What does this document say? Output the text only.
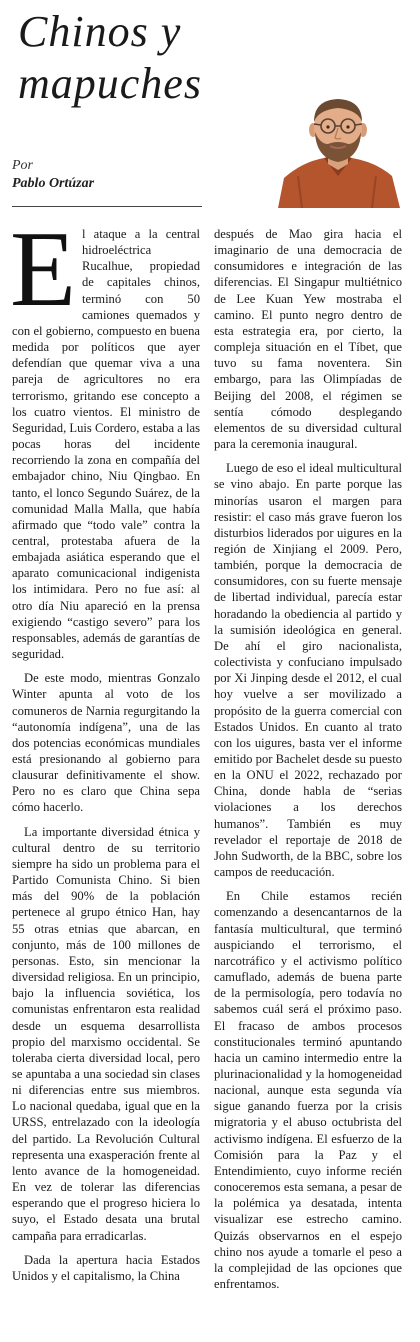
Chinos y
mapuches
Por
Pablo Ortúzar

El ataque a la central hidroeléctrica Rucalhue, propiedad de capitales chinos, terminó con 50 camiones quemados y con el gobierno, compuesto en buena medida por políticos que ayer defendían que quemar viva a una pareja de agricultores no era terrorismo, gritando ese concepto a los cuatro vientos. El ministro de Seguridad, Luis Cordero, estaba a las pocas horas del incidente recorriendo la zona en compañía del embajador chino, Niu Qingbao. En tanto, el lonco Segundo Suárez, de la comunidad Malla Malla, que había afirmado que “todo vale” contra la central, protestaba afuera de la embajada asiática esperando que el aparato comunicacional indigenista los intimidara. Pero no fue así: al otro día Niu apareció en la prensa exigiendo “castigo severo” para los responsables, además de garantías de seguridad.

De este modo, mientras Gonzalo Winter apunta al voto de los comuneros de Narnia regurgitando la “autonomía indígena”, una de las dos potencias económicas mundiales está presionando al gobierno para clausurar definitivamente el show. Pero no es claro que China sepa cómo hacerlo.

La importante diversidad étnica y cultural dentro de su territorio siempre ha sido un problema para el Partido Comunista Chino. Si bien más del 90% de la población pertenece al grupo étnico Han, hay 55 otras etnias que abarcan, en conjunto, más de 100 millones de personas. Esto, sin mencionar la diversidad religiosa. En un principio, bajo la influencia soviética, los comunistas enfrentaron esta realidad desde un esquema desarrollista propio del marxismo occidental. Se toleraba cierta diversidad local, pero se apuntaba a una sociedad sin clases ni diferencias entre sus miembros. Lo nacional quedaba, igual que en la URSS, entrelazado con la ideología del partido. La Revolución Cultural representa una exasperación frente al lento avance de la homogeneidad. En vez de tolerar las diferencias esperando que el progreso hiciera lo suyo, el Estado desata una brutal campaña para erradicarlas.

Dada la apertura hacia Estados Unidos y el capitalismo, la China

después de Mao gira hacia el imaginario de una democracia de consumidores e integración de las diferencias. El Singapur multiétnico de Lee Kuan Yew mostraba el camino. El punto negro dentro de esta estrategia era, por cierto, la compleja situación en el Tíbet, que tuvo su fama noventera. Sin embargo, para las Olimpíadas de Beijing del 2008, el régimen se sentía cómodo desplegando elementos de su diversidad cultural para la ceremonia inaugural.

Luego de eso el ideal multicultural se vino abajo. En parte porque las minorías usaron el margen para resistir: el caso más grave fueron los disturbios liderados por uigures en la región de Xinjiang el 2009. Pero, también, porque la democracia de consumidores, con su fuerte mensaje de libertad individual, parecía estar horadando la obediencia al partido y la sumisión ideológica en general. De ahí el giro nacionalista, colectivista y confuciano impulsado por Xi Jinping desde el 2012, el cual hoy vuelve a ser movilizado a propósito de la guerra comercial con Estados Unidos. En cuanto al trato con los uigures, basta ver el informe emitido por Bachelet desde su puesto en la ONU el 2022, rechazado por China, donde habla de “serias violaciones a los derechos humanos”. También es muy revelador el reportaje de 2018 de John Sudworth, de la BBC, sobre los campos de reeducación.

En Chile estamos recién comenzando a desencantarnos de la fantasía multicultural, que terminó auspiciando el terrorismo, el narcotráfico y el activismo político camuflado, además de buena parte de la permisología, pero todavía no sabemos cuál será el próximo paso. El fracaso de ambos procesos constitucionales terminó apuntando hacia un camino intermedio entre la plurinacionalidad y la homogeneidad nacional, aunque esta segunda vía sigue ganando fuerza por la crisis migratoria y el abuso octubrista del activismo indígena. El esfuerzo de la Comisión para la Paz y el Entendimiento, cuyo informe recién conoceremos esta semana, a pesar de la polémica ya desatada, intenta visualizar ese estrecho camino. Quizás observarnos en el espejo chino nos ayude a tomarle el peso a la complejidad de las opciones que enfrentamos.
